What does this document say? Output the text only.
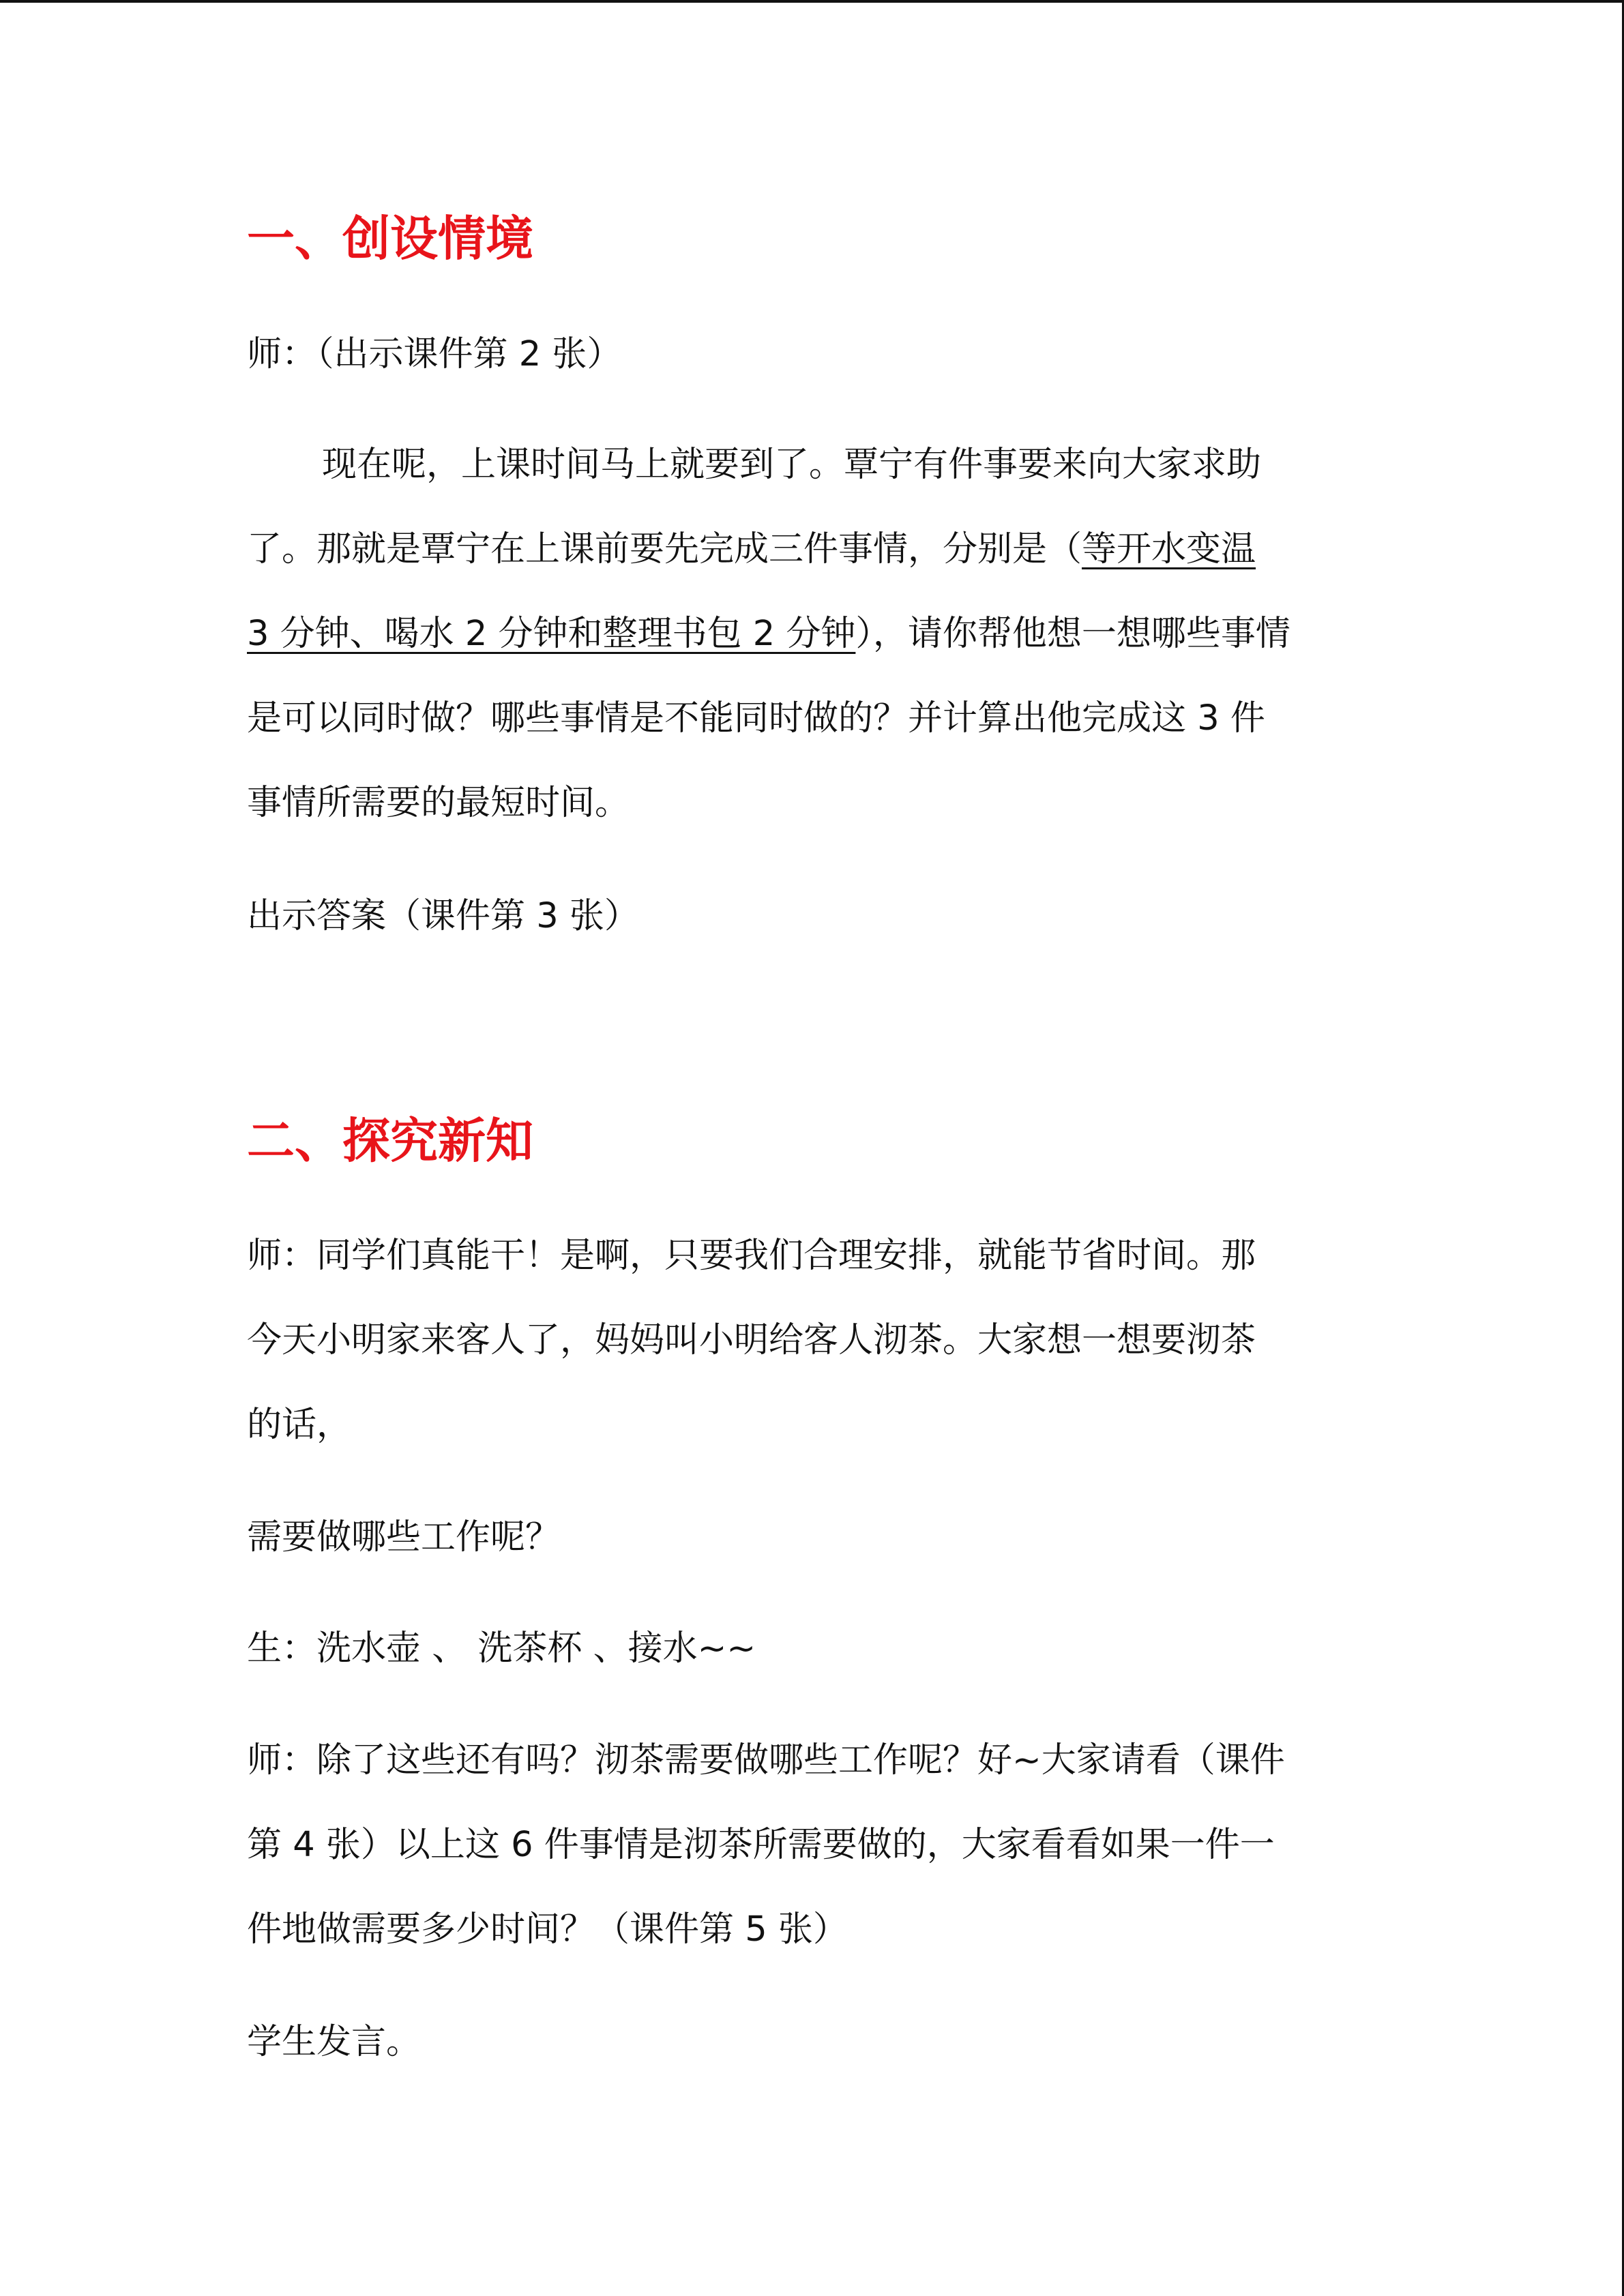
一、创设情境
师：（出示课件第 2 张）
现在呢，上课时间马上就要到了。覃宁有件事要来向大家求助
了。那就是覃宁在上课前要先完成三件事情，分别是（等开水变温
3 分钟、喝水 2 分钟和整理书包 2 分钟），请你帮他想一想哪些事情
是可以同时做？哪些事情是不能同时做的？并计算出他完成这 3 件
事情所需要的最短时间。
出示答案（课件第 3 张）
二、探究新知
师：同学们真能干！是啊，只要我们合理安排，就能节省时间。那
今天小明家来客人了，妈妈叫小明给客人沏茶。大家想一想要沏茶
的话，
需要做哪些工作呢？
生：洗水壶 、 洗茶杯 、接水~~
师：除了这些还有吗？沏茶需要做哪些工作呢？好~大家请看（课件
第 4 张）以上这 6 件事情是沏茶所需要做的，大家看看如果一件一
件地做需要多少时间？（课件第 5 张）
学生发言。
